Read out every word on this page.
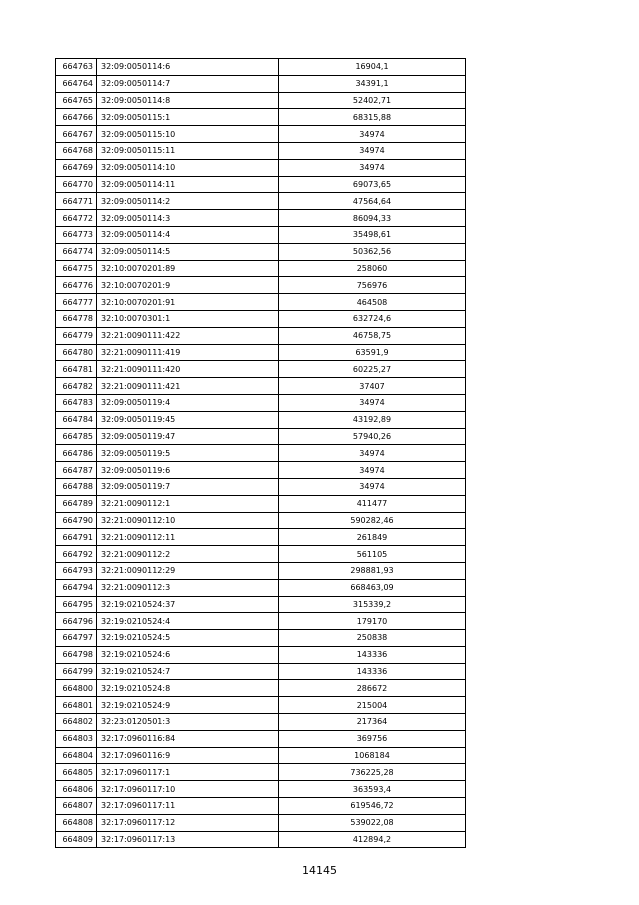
664763	32:09:0050114:6	16904,1
664764	32:09:0050114:7	34391,1
664765	32:09:0050114:8	52402,71
664766	32:09:0050115:1	68315,88
664767	32:09:0050115:10	34974
664768	32:09:0050115:11	34974
664769	32:09:0050114:10	34974
664770	32:09:0050114:11	69073,65
664771	32:09:0050114:2	47564,64
664772	32:09:0050114:3	86094,33
664773	32:09:0050114:4	35498,61
664774	32:09:0050114:5	50362,56
664775	32:10:0070201:89	258060
664776	32:10:0070201:9	756976
664777	32:10:0070201:91	464508
664778	32:10:0070301:1	632724,6
664779	32:21:0090111:422	46758,75
664780	32:21:0090111:419	63591,9
664781	32:21:0090111:420	60225,27
664782	32:21:0090111:421	37407
664783	32:09:0050119:4	34974
664784	32:09:0050119:45	43192,89
664785	32:09:0050119:47	57940,26
664786	32:09:0050119:5	34974
664787	32:09:0050119:6	34974
664788	32:09:0050119:7	34974
664789	32:21:0090112:1	411477
664790	32:21:0090112:10	590282,46
664791	32:21:0090112:11	261849
664792	32:21:0090112:2	561105
664793	32:21:0090112:29	298881,93
664794	32:21:0090112:3	668463,09
664795	32:19:0210524:37	315339,2
664796	32:19:0210524:4	179170
664797	32:19:0210524:5	250838
664798	32:19:0210524:6	143336
664799	32:19:0210524:7	143336
664800	32:19:0210524:8	286672
664801	32:19:0210524:9	215004
664802	32:23:0120501:3	217364
664803	32:17:0960116:84	369756
664804	32:17:0960116:9	1068184
664805	32:17:0960117:1	736225,28
664806	32:17:0960117:10	363593,4
664807	32:17:0960117:11	619546,72
664808	32:17:0960117:12	539022,08
664809	32:17:0960117:13	412894,2
14145
